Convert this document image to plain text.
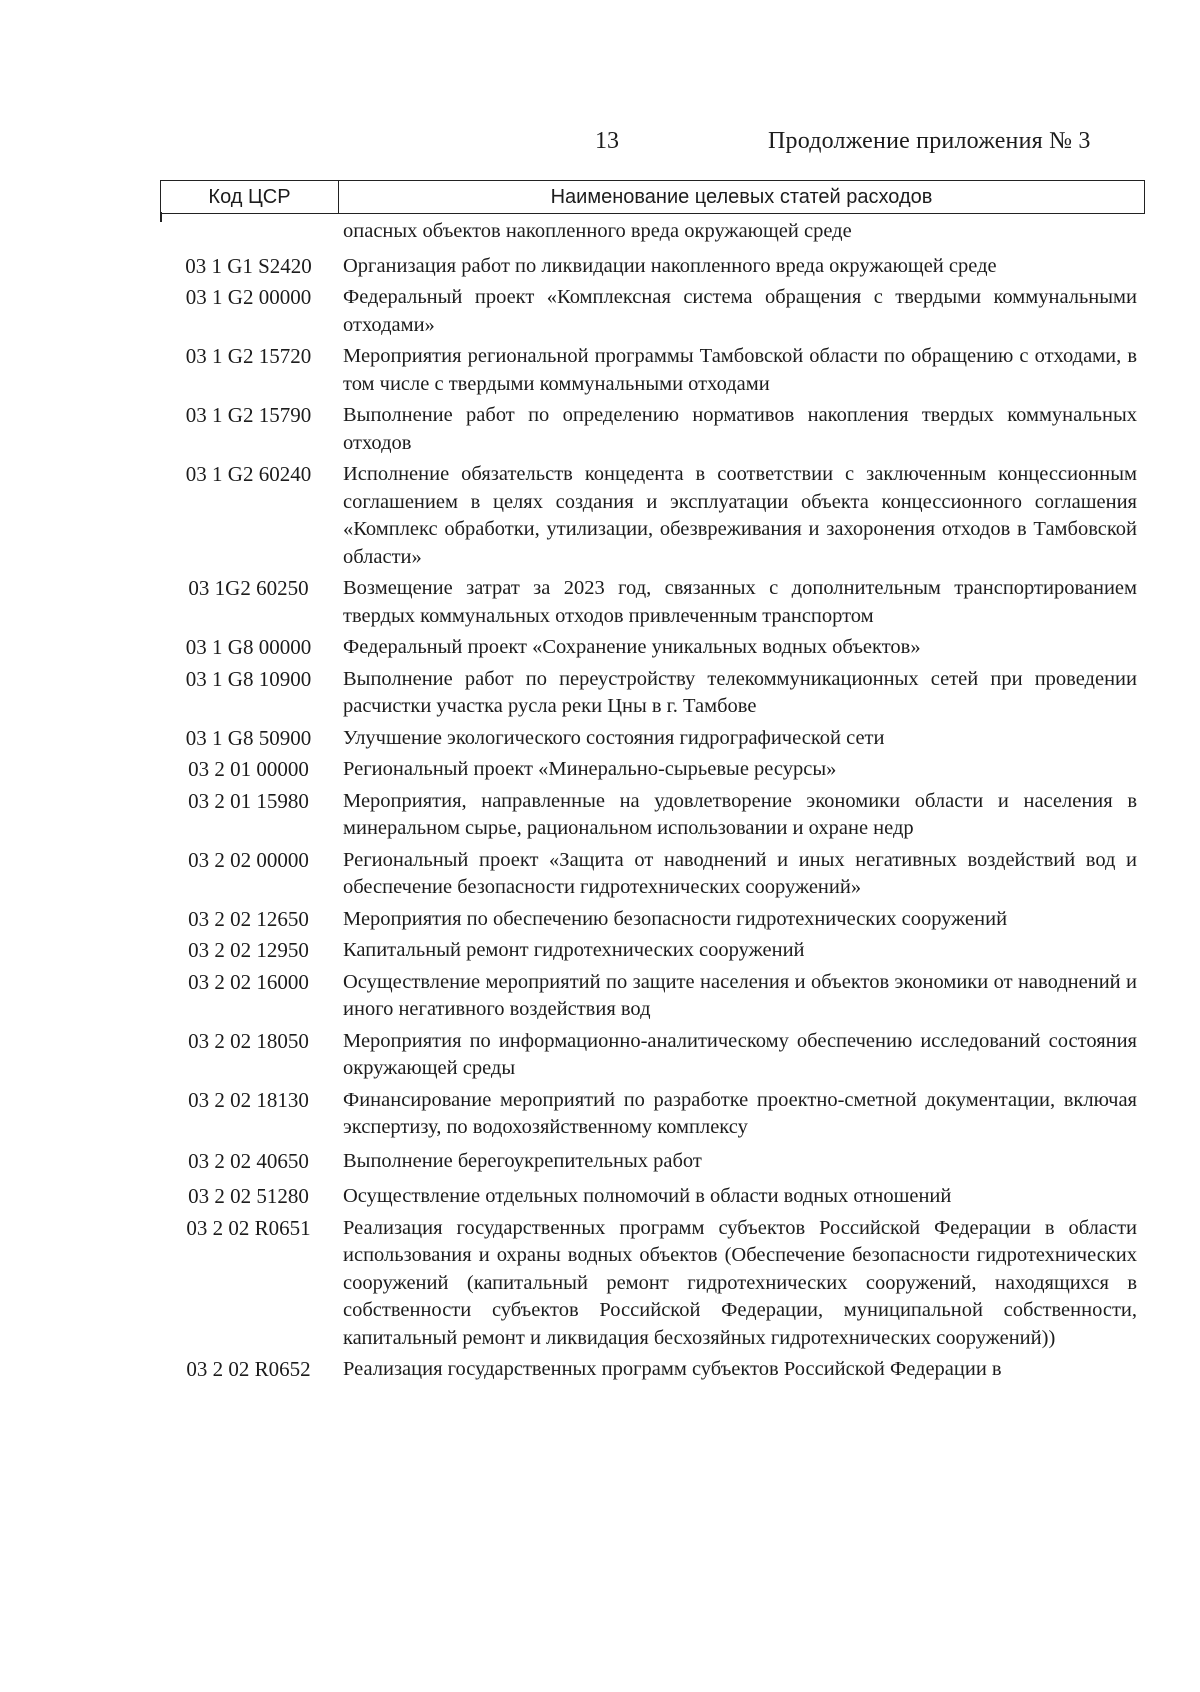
13	Продолжение приложения № 3
Код ЦСР	Наименование целевых статей расходов
опасных объектов накопленного вреда окружающей среде
03 1 G1 S2420	Организация работ по ликвидации накопленного вреда окружающей среде
03 1 G2 00000	Федеральный проект «Комплексная система обращения с твердыми коммунальными отходами»
03 1 G2 15720	Мероприятия региональной программы Тамбовской области по обращению с отходами, в том числе с твердыми коммунальными отходами
03 1 G2 15790	Выполнение работ по определению нормативов накопления твердых коммунальных отходов
03 1 G2 60240	Исполнение обязательств концедента в соответствии с заключенным концессионным соглашением в целях создания и эксплуатации объекта концессионного соглашения «Комплекс обработки, утилизации, обезвреживания и захоронения отходов в Тамбовской области»
03 1G2 60250	Возмещение затрат за 2023 год, связанных с дополнительным транспортированием твердых коммунальных отходов привлеченным транспортом
03 1 G8 00000	Федеральный проект «Сохранение уникальных водных объектов»
03 1 G8 10900	Выполнение работ по переустройству телекоммуникационных сетей при проведении расчистки участка русла реки Цны в г. Тамбове
03 1 G8 50900	Улучшение экологического состояния гидрографической сети
03 2 01 00000	Региональный проект «Минерально-сырьевые ресурсы»
03 2 01 15980	Мероприятия, направленные на удовлетворение экономики области и населения в минеральном сырье, рациональном использовании и охране недр
03 2 02 00000	Региональный проект «Защита от наводнений и иных негативных воздействий вод и обеспечение безопасности гидротехнических сооружений»
03 2 02 12650	Мероприятия по обеспечению безопасности гидротехнических сооружений
03 2 02 12950	Капитальный ремонт гидротехнических сооружений
03 2 02 16000	Осуществление мероприятий по защите населения и объектов экономики от наводнений и иного негативного воздействия вод
03 2 02 18050	Мероприятия по информационно-аналитическому обеспечению исследований состояния окружающей среды
03 2 02 18130	Финансирование мероприятий по разработке проектно-сметной документации, включая экспертизу, по водохозяйственному комплексу
03 2 02 40650	Выполнение берегоукрепительных работ
03 2 02 51280	Осуществление отдельных полномочий в области водных отношений
03 2 02 R0651	Реализация государственных программ субъектов Российской Федерации в области использования и охраны водных объектов (Обеспечение безопасности гидротехнических сооружений (капитальный ремонт гидротехнических сооружений, находящихся в собственности субъектов Российской Федерации, муниципальной собственности, капитальный ремонт и ликвидация бесхозяйных гидротехнических сооружений))
03 2 02 R0652	Реализация государственных программ субъектов Российской Федерации в
